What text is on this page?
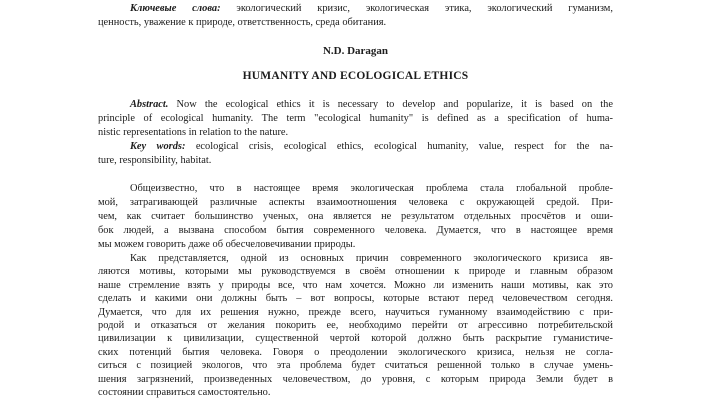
Ключевые слова: экологический кризис, экологическая этика, экологический гуманизм,
ценность, уважение к природе, ответственность, среда обитания.
N.D. Daragan
HUMANITY AND ECOLOGICAL ETHICS
Abstract. Now the ecological ethics it is necessary to develop and popularize, it is based on the
principle of ecological humanity. The term "ecological humanity" is defined as a specification of huma-
nistic representations in relation to the nature.
Key words: ecological crisis, ecological ethics, ecological humanity, value, respect for the na-
ture, responsibility, habitat.
Общеизвестно, что в настоящее время экологическая проблема стала глобальной пробле-
мой, затрагивающей различные аспекты взаимоотношения человека с окружающей средой. При-
чем, как считает большинство ученых, она является не результатом отдельных просчётов и оши-
бок людей, а вызвана способом бытия современного человека. Думается, что в настоящее время
мы можем говорить даже об обесчеловечивании природы.
Как представляется, одной из основных причин современного экологического кризиса яв-
ляются мотивы, которыми мы руководствуемся в своём отношении к природе и главным образом
наше стремление взять у природы все, что нам хочется. Можно ли изменить наши мотивы, как это
сделать и какими они должны быть – вот вопросы, которые встают перед человечеством сегодня.
Думается, что для их решения нужно, прежде всего, научиться гуманному взаимодействию с при-
родой и отказаться от желания покорить ее, необходимо перейти от агрессивно потребительской
цивилизации к цивилизации, существенной чертой которой должно быть раскрытие гуманистиче-
ских потенций бытия человека. Говоря о преодолении экологического кризиса, нельзя не согла-
ситься с позицией экологов, что эта проблема будет считаться решенной только в случае умень-
шения загрязнений, произведенных человечеством, до уровня, с которым природа Земли будет в
состоянии справиться самостоятельно.
